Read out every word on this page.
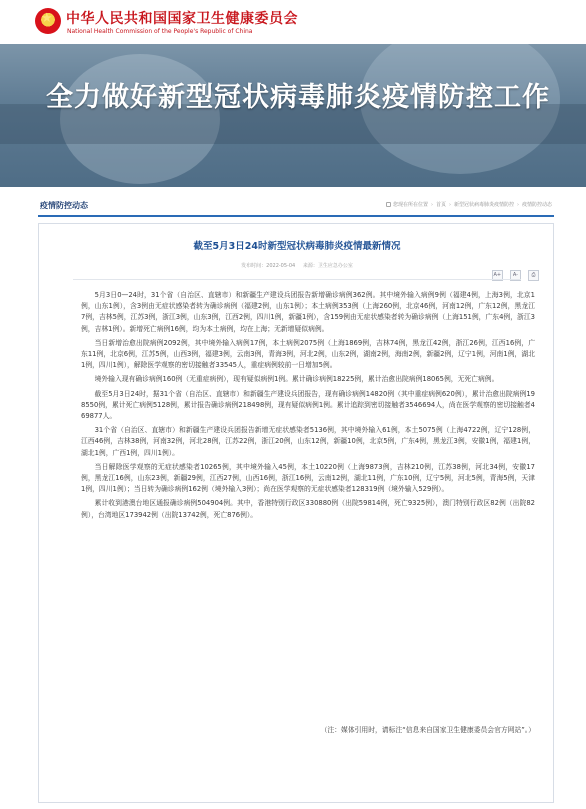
★
中华人民共和国国家卫生健康委员会
National Health Commission of the People's Republic of China
全力做好新型冠状病毒肺炎疫情防控工作
疫情防控动态	您现在所在位置 › 首页 › 新型冠状病毒肺炎疫情防控 › 疫情防控动态
截至5月3日24时新型冠状病毒肺炎疫情最新情况
发布时间：2022-05-04 来源：卫生应急办公室
A+ A-	⎙

5月3日0—24时，31个省（自治区、直辖市）和新疆生产建设兵团报告新增确诊病例362例。其中境外输入病例9例（福建4例，上海3例，北京1例，山东1例），含3例由无症状感染者转为确诊病例（福建2例，山东1例）；本土病例353例（上海260例，北京46例，河南12例，广东12例，黑龙江7例，吉林5例，江苏3例，浙江3例，山东3例，江西2例，四川1例，新疆1例），含159例由无症状感染者转为确诊病例（上海151例，广东4例，浙江3例，吉林1例）。新增死亡病例16例，均为本土病例，均在上海；无新增疑似病例。

当日新增治愈出院病例2092例，其中境外输入病例17例，本土病例2075例（上海1869例，吉林74例，黑龙江42例，浙江26例，江西16例，广东11例，北京6例，江苏5例，山西3例，福建3例，云南3例，青海3例，河北2例，山东2例，湖南2例，海南2例，新疆2例，辽宁1例，河南1例，湖北1例，四川1例），解除医学观察的密切接触者33545人，重症病例较前一日增加5例。

境外输入现有确诊病例160例（无重症病例），现有疑似病例1例。累计确诊病例18225例，累计治愈出院病例18065例，无死亡病例。

截至5月3日24时，据31个省（自治区、直辖市）和新疆生产建设兵团报告，现有确诊病例14820例（其中重症病例620例），累计治愈出院病例198550例，累计死亡病例5128例，累计报告确诊病例218498例，现有疑似病例1例。累计追踪到密切接触者3546694人，尚在医学观察的密切接触者469877人。

31个省（自治区、直辖市）和新疆生产建设兵团报告新增无症状感染者5136例，其中境外输入61例，本土5075例（上海4722例，辽宁128例，江西46例，吉林38例，河南32例，河北28例，江苏22例，浙江20例，山东12例，新疆10例，北京5例，广东4例，黑龙江3例，安徽1例，福建1例，湖北1例，广西1例，四川1例）。

当日解除医学观察的无症状感染者10265例，其中境外输入45例，本土10220例（上海9873例，吉林210例，江苏38例，河北34例，安徽17例，黑龙江16例，山东23例，新疆29例，江西27例，山西16例，浙江16例，云南12例，湖北11例，广东10例，辽宁5例，河北5例，青海5例，天津1例，四川1例）；当日转为确诊病例162例（境外输入3例）；尚在医学观察的无症状感染者128319例（境外输入529例）。

累计收到港澳台地区通报确诊病例504904例。其中，香港特别行政区330880例（出院59814例，死亡9325例），澳门特别行政区82例（出院82例），台湾地区173942例（出院13742例，死亡876例）。

（注：媒体引用时，请标注“信息来自国家卫生健康委员会官方网站”。）
